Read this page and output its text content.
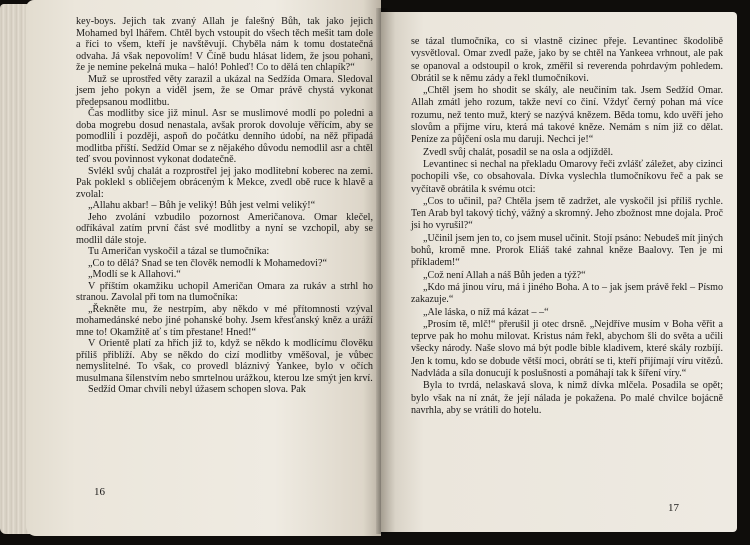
key-boys. Jejich tak zvaný Allah je falešný Bůh, tak jako jejich Mohamed byl lhářem. Chtěl bych vstoupit do všech těch mešit tam dole a říci to všem, kteří je navštěvují. Chyběla nám k tomu dostatečná odvaha. Já však nepovolím! V Číně budu hlásat lidem, že jsou pohani, že je nemine pekelná muka – haló! Pohleď! Co to dělá ten chlapík?“

Muž se uprostřed věty zarazil a ukázal na Sedžída Omara. Sledoval jsem jeho pokyn a viděl jsem, že se Omar právě chystá vykonat předepsanou modlitbu.

Čas modlitby sice již minul. Asr se muslimové modlí po poledni a doba mogrebu dosud nenastala, avšak prorok dovoluje věřícím, aby se pomodlili i později, aspoň do počátku denního údobí, na něž připadá modlitba příští. Sedžíd Omar se z nějakého důvodu nemodlil asr a chtěl teď svou povinnost vykonat dodatečně.

Svlékl svůj chalát a rozprostřel jej jako modlitební koberec na zemi. Pak poklekl s obličejem obráceným k Mekce, zvedl obě ruce k hlavě a zvolal:

„Allahu akbar! – Bůh je veliký! Bůh jest velmi veliký!“

Jeho zvolání vzbudilo pozornost Američanova. Omar klečel, odříkával zatím první část své modlitby a nyní se vzchopil, aby se modlil dále stoje.

Tu Američan vyskočil a tázal se tlumočníka:

„Co to dělá? Snad se ten člověk nemodlí k Mohamedovi?“

„Modlí se k Allahovi.“

V příštím okamžiku uchopil Američan Omara za rukáv a strhl ho stranou. Zavolal při tom na tlumočníka:

„Řekněte mu, že nestrpím, aby někdo v mé přítomnosti vzýval mohamedánské nebo jiné pohanské bohy. Jsem křesťanský kněz a uráží mne to! Okamžitě ať s tím přestane! Hned!“

V Orientě platí za hřích již to, když se někdo k modlícímu člověku příliš přiblíží. Aby se někdo do cizí modlitby vměšoval, je vůbec nemyslitelné. To však, co provedl bláznivý Yankee, bylo v očích musulmana šílenstvím nebo smrtelnou urážkou, kterou lze smýt jen krví.

Sedžíd Omar chvíli nebyl úžasem schopen slova. Pak

16

se tázal tlumočníka, co si vlastně cizinec přeje. Levantinec škodolibě vysvětloval. Omar zvedl paže, jako by se chtěl na Yankeea vrhnout, ale pak se opanoval a odstoupil o krok, změřil si reverenda pohrdavým pohledem. Obrátil se k němu zády a řekl tlumočníkovi.

„Chtěl jsem ho shodit se skály, ale neučiním tak. Jsem Sedžíd Omar. Allah zmátl jeho rozum, takže neví co činí. Vždyť černý pohan má více rozumu, než tento muž, který se nazývá knězem. Běda tomu, kdo uvěří jeho slovům a přijme víru, která má takové kněze. Nemám s ním již co dělat. Peníze za půjčení osla mu daruji. Nechci je!“

Zvedl svůj chalát, posadil se na osla a odjížděl.

Levantinec si nechal na překladu Omarovy řeči zvlášť záležet, aby cizinci pochopili vše, co obsahovala. Dívka vyslechla tlumočníkovu řeč a pak se vyčítavě obrátila k svému otci:

„Cos to učinil, pa? Chtěla jsem tě zadržet, ale vyskočil jsi příliš rychle. Ten Arab byl takový tichý, vážný a skromný. Jeho zbožnost mne dojala. Proč jsi ho vyrušil?“

„Učinil jsem jen to, co jsem musel učinit. Stojí psáno: Nebudeš mít jiných bohů, kromě mne. Prorok Eliáš také zahnal kněze Baalovy. Ten je mi příkladem!“

„Což není Allah a náš Bůh jeden a týž?“

„Kdo má jinou víru, má i jiného Boha. A to – jak jsem právě řekl – Písmo zakazuje.“

„Ale láska, o níž má kázat – –“

„Prosím tě, mlč!“ přerušil ji otec drsně. „Nejdříve musím v Boha věřit a teprve pak ho mohu milovat. Kristus nám řekl, abychom šli do světa a učili všecky národy. Naše slovo má být podle bible kladivem, které skály rozbíjí. Jen k tomu, kdo se dobude větší moci, obrátí se ti, kteří přijímají víru vítězů. Nadvláda a síla donucují k poslušnosti a pomáhají tak k šíření víry.“

Byla to tvrdá, nelaskavá slova, k nimž dívka mlčela. Posadila se opět; bylo však na ní znát, že její nálada je pokažena. Po malé chvilce bojácně navrhla, aby se vrátili do hotelu.

17
